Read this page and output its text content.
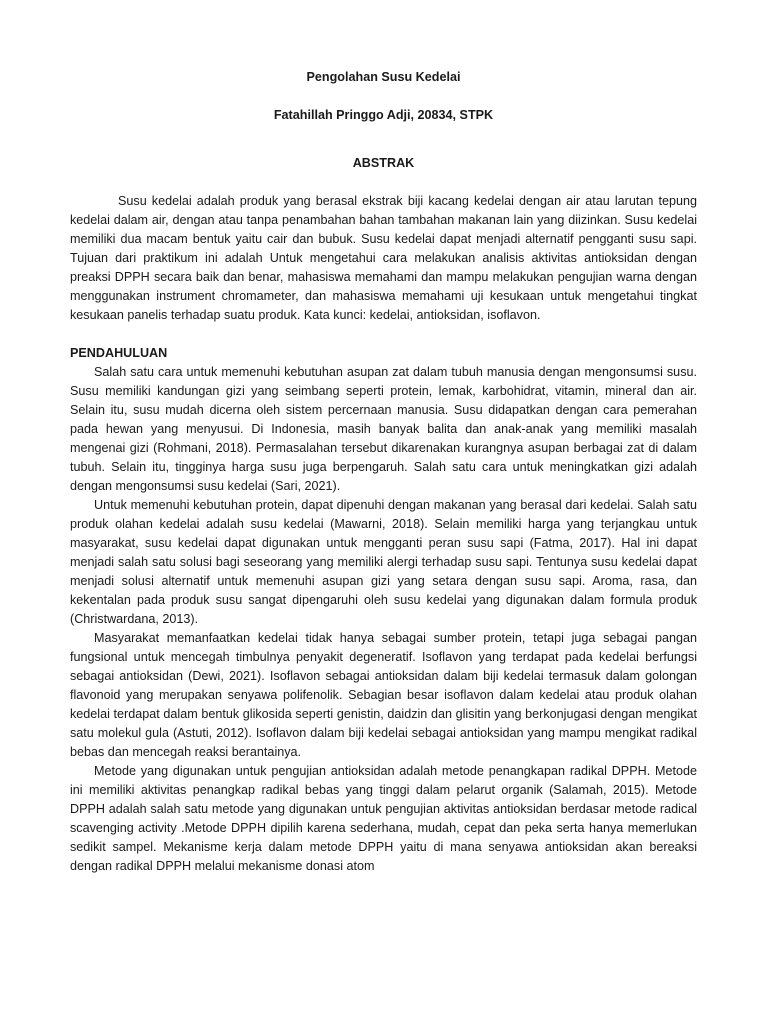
Pengolahan Susu Kedelai

Fatahillah Pringgo Adji, 20834, STPK

ABSTRAK

Susu kedelai adalah produk yang berasal ekstrak biji kacang kedelai dengan air atau larutan tepung kedelai dalam air, dengan atau tanpa penambahan bahan tambahan makanan lain yang diizinkan. Susu kedelai memiliki dua macam bentuk yaitu cair dan bubuk. Susu kedelai dapat menjadi alternatif pengganti susu sapi. Tujuan dari praktikum ini adalah Untuk mengetahui cara melakukan analisis aktivitas antioksidan dengan preaksi DPPH secara baik dan benar, mahasiswa memahami dan mampu melakukan pengujian warna dengan menggunakan instrument chromameter, dan mahasiswa memahami uji kesukaan untuk mengetahui tingkat kesukaan panelis terhadap suatu produk. Kata kunci: kedelai, antioksidan, isoflavon.

PENDAHULUAN

Salah satu cara untuk memenuhi kebutuhan asupan zat dalam tubuh manusia dengan mengonsumsi susu. Susu memiliki kandungan gizi yang seimbang seperti protein, lemak, karbohidrat, vitamin, mineral dan air. Selain itu, susu mudah dicerna oleh sistem percernaan manusia. Susu didapatkan dengan cara pemerahan pada hewan yang menyusui. Di Indonesia, masih banyak balita dan anak-anak yang memiliki masalah mengenai gizi (Rohmani, 2018). Permasalahan tersebut dikarenakan kurangnya asupan berbagai zat di dalam tubuh. Selain itu, tingginya harga susu juga berpengaruh. Salah satu cara untuk meningkatkan gizi adalah dengan mengonsumsi susu kedelai (Sari, 2021).

Untuk memenuhi kebutuhan protein, dapat dipenuhi dengan makanan yang berasal dari kedelai. Salah satu produk olahan kedelai adalah susu kedelai (Mawarni, 2018). Selain memiliki harga yang terjangkau untuk masyarakat, susu kedelai dapat digunakan untuk mengganti peran susu sapi (Fatma, 2017). Hal ini dapat menjadi salah satu solusi bagi seseorang yang memiliki alergi terhadap susu sapi. Tentunya susu kedelai dapat menjadi solusi alternatif untuk memenuhi asupan gizi yang setara dengan susu sapi. Aroma, rasa, dan kekentalan pada produk susu sangat dipengaruhi oleh susu kedelai yang digunakan dalam formula produk (Christwardana, 2013).

Masyarakat memanfaatkan kedelai tidak hanya sebagai sumber protein, tetapi juga sebagai pangan fungsional untuk mencegah timbulnya penyakit degeneratif. Isoflavon yang terdapat pada kedelai berfungsi sebagai antioksidan (Dewi, 2021). Isoflavon sebagai antioksidan dalam biji kedelai termasuk dalam golongan flavonoid yang merupakan senyawa polifenolik. Sebagian besar isoflavon dalam kedelai atau produk olahan kedelai terdapat dalam bentuk glikosida seperti genistin, daidzin dan glisitin yang berkonjugasi dengan mengikat satu molekul gula (Astuti, 2012). Isoflavon dalam biji kedelai sebagai antioksidan yang mampu mengikat radikal bebas dan mencegah reaksi berantainya.

Metode yang digunakan untuk pengujian antioksidan adalah metode penangkapan radikal DPPH. Metode ini memiliki aktivitas penangkap radikal bebas yang tinggi dalam pelarut organik (Salamah, 2015). Metode DPPH adalah salah satu metode yang digunakan untuk pengujian aktivitas antioksidan berdasar metode radical scavenging activity .Metode DPPH dipilih karena sederhana, mudah, cepat dan peka serta hanya memerlukan sedikit sampel. Mekanisme kerja dalam metode DPPH yaitu di mana senyawa antioksidan akan bereaksi dengan radikal DPPH melalui mekanisme donasi atom
